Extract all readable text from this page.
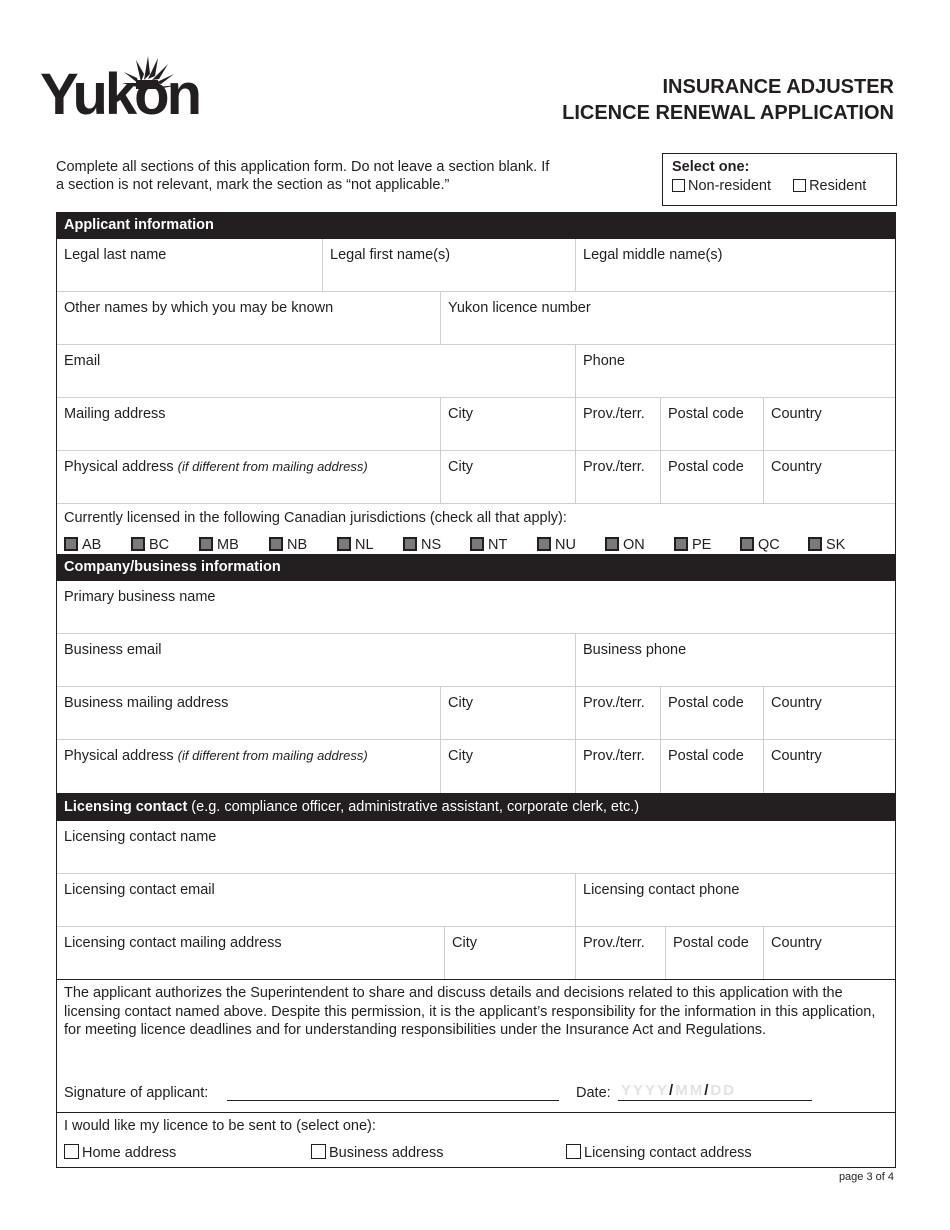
Yukon	INSURANCE ADJUSTER
LICENCE RENEWAL APPLICATION
Complete all sections of this application form. Do not leave a section blank. If a section is not relevant, mark the section as “not applicable.”
Select one:
Non-resident	Resident
Applicant information
Legal last name	Legal first name(s)	Legal middle name(s)
Other names by which you may be known	Yukon licence number
Email	Phone
Mailing address	City	Prov./terr.	Postal code	Country
Physical address (if different from mailing address)	City	Prov./terr.	Postal code	Country
Currently licensed in the following Canadian jurisdictions (check all that apply):
AB	BC	MB	NB	NL	NS	NT	NU	ON	PE	QC	SK
Company/business information
Primary business name
Business email	Business phone
Business mailing address	City	Prov./terr.	Postal code	Country
Physical address (if different from mailing address)	City	Prov./terr.	Postal code	Country
Licensing contact (e.g. compliance officer, administrative assistant, corporate clerk, etc.)
Licensing contact name
Licensing contact email	Licensing contact phone
Licensing contact mailing address	City	Prov./terr.	Postal code	Country
The applicant authorizes the Superintendent to share and discuss details and decisions related to this application with the licensing contact named above. Despite this permission, it is the applicant’s responsibility for the information in this application, for meeting licence deadlines and for understanding responsibilities under the Insurance Act and Regulations.
Signature of applicant:	Date: YYYY/MM/DD
I would like my licence to be sent to (select one):
Home address	Business address	Licensing contact address
page 3 of 4
